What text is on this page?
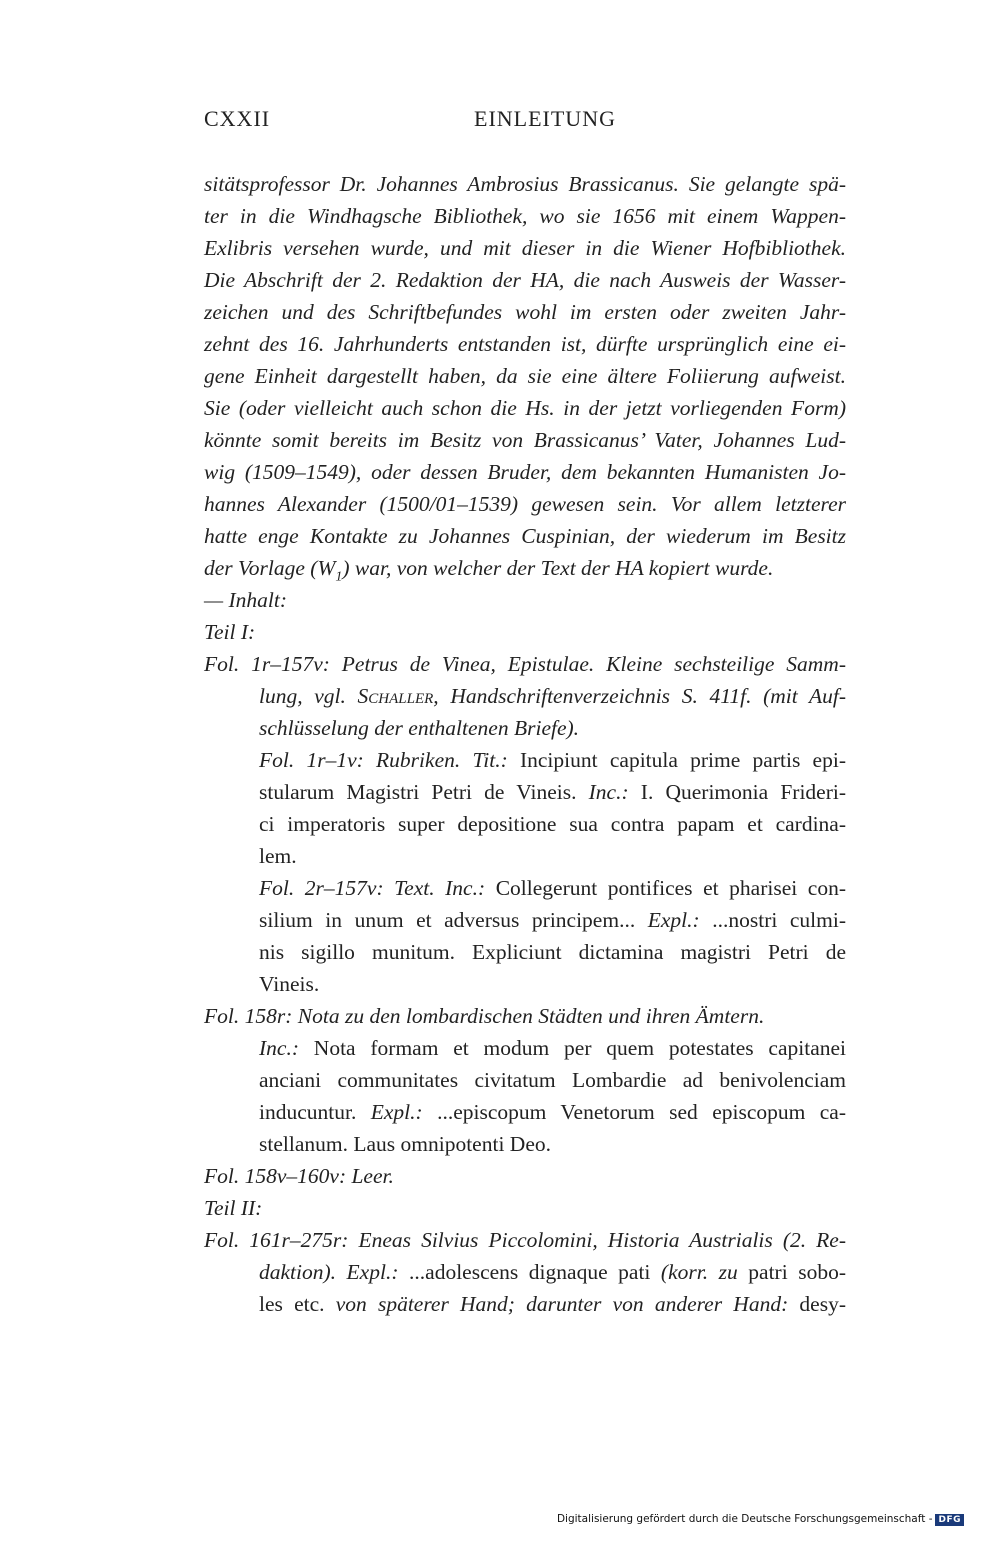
CXXII	EINLEITUNG
sitätsprofessor Dr. Johannes Ambrosius Brassicanus. Sie gelangte spä-
ter in die Windhagsche Bibliothek, wo sie 1656 mit einem Wappen-
Exlibris versehen wurde, und mit dieser in die Wiener Hofbibliothek.
Die Abschrift der 2. Redaktion der HA, die nach Ausweis der Wasser-
zeichen und des Schriftbefundes wohl im ersten oder zweiten Jahr-
zehnt des 16. Jahrhunderts entstanden ist, dürfte ursprünglich eine ei-
gene Einheit dargestellt haben, da sie eine ältere Foliierung aufweist.
Sie (oder vielleicht auch schon die Hs. in der jetzt vorliegenden Form)
könnte somit bereits im Besitz von Brassicanus’ Vater, Johannes Lud-
wig (1509–1549), oder dessen Bruder, dem bekannten Humanisten Jo-
hannes Alexander (1500/01–1539) gewesen sein. Vor allem letzterer
hatte enge Kontakte zu Johannes Cuspinian, der wiederum im Besitz
der Vorlage $(W_1)$ war, von welcher der Text der HA kopiert wurde.
— Inhalt:
Teil I:
Fol. 1r–157v: Petrus de Vinea, Epistulae. Kleine sechsteilige Samm-
lung, vgl. Schaller, Handschriftenverzeichnis S. 411f. (mit Auf-
schlüsselung der enthaltenen Briefe).
Fol. 1r–1v: Rubriken. Tit.: Incipiunt capitula prime partis epi-
stularum Magistri Petri de Vineis. Inc.: I. Querimonia Frideri-
ci imperatoris super depositione sua contra papam et cardina-
lem.
Fol. 2r–157v: Text. Inc.: Collegerunt pontifices et pharisei con-
silium in unum et adversus principem... Expl.: ...nostri culmi-
nis sigillo munitum. Expliciunt dictamina magistri Petri de
Vineis.
Fol. 158r: Nota zu den lombardischen Städten und ihren Ämtern.
Inc.: Nota formam et modum per quem potestates capitanei
anciani communitates civitatum Lombardie ad benivolenciam
inducuntur. Expl.: ...episcopum Venetorum sed episcopum ca-
stellanum. Laus omnipotenti Deo.
Fol. 158v–160v: Leer.
Teil II:
Fol. 161r–275r: Eneas Silvius Piccolomini, Historia Austrialis (2. Re-
daktion). Expl.: ...adolescens dignaque pati (korr. zu patri sobo-
les etc. von späterer Hand; darunter von anderer Hand: desy-
Digitalisierung gefördert durch die Deutsche Forschungsgemeinschaft - DFG
